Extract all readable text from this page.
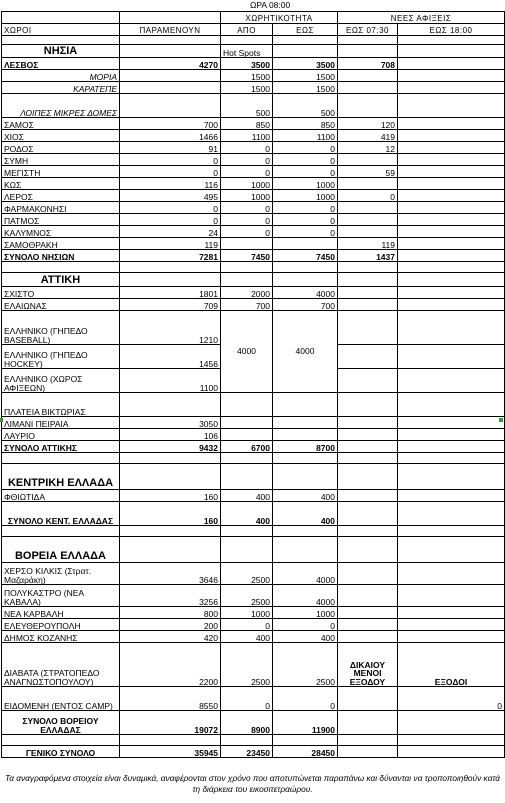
ΩΡΑ 08:00
		ΧΩΡΗΤΙΚΟΤΗΤΑ		ΝΕΕΣ ΑΦΙΞΕΙΣ	
ΧΩΡΟΙ	ΠΑΡΑΜΕΝΟΥΝ	ΑΠΟ	ΕΩΣ	ΕΩΣ 07:30	ΕΩΣ 18:00

ΝΗΣΙΑ		Hot Spots			
ΛΕΣΒΟΣ	4270	3500	3500	708	
ΜΟΡΙΑ		1500	1500		
ΚΑΡΑΤΕΠΕ		1500	1500		
ΛΟΙΠΕΣ ΜΙΚΡΕΣ ΔΟΜΕΣ		500	500		
ΣΑΜΟΣ	700	850	850	120	
ΧΙΟΣ	1466	1100	1100	419	
ΡΟΔΟΣ	91	0	0	12	
ΣΥΜΗ	0	0	0		
ΜΕΓΙΣΤΗ	0	0	0	59	
ΚΩΣ	116	1000	1000		
ΛΕΡΟΣ	495	1000	1000	0	
ΦΑΡΜΑΚΟΝΗΣΙ	0	0	0		
ΠΑΤΜΟΣ	0	0	0		
ΚΑΛΥΜΝΟΣ	24	0	0		
ΣΑΜΟΘΡΑΚΗ	119			119	
ΣΥΝΟΛΟ ΝΗΣΙΩΝ	7281	7450	7450	1437	

ΑΤΤΙΚΗ					
ΣΧΙΣΤΟ	1801	2000	4000		
ΕΛΑΙΩΝΑΣ	709	700	700		
ΕΛΛΗΝΙΚΟ (ΓΗΠΕΔΟ BASEBALL)	1210	4000	4000		
ΕΛΛΗΝΙΚΟ (ΓΗΠΕΔΟ HOCKEY)	1456				
ΕΛΛΗΝΙΚΟ (ΧΩΡΟΣ ΑΦΙΞΕΩΝ)	1100				
ΠΛΑΤΕΙΑ ΒΙΚΤΩΡΙΑΣ					
ΛΙΜΑΝΙ ΠΕΙΡΑΙΑ	3050				
ΛΑΥΡΙΟ	106				
ΣΥΝΟΛΟ ΑΤΤΙΚΗΣ	9432	6700	8700		

ΚΕΝΤΡΙΚΗ ΕΛΛΑΔΑ					
ΦΘΙΩΤΙΔΑ	160	400	400		
ΣΥΝΟΛΟ ΚΕΝΤ. ΕΛΛΑΔΑΣ	160	400	400		

ΒΟΡΕΙΑ ΕΛΛΑΔΑ					
ΧΕΡΣΟ ΚΙΛΚΙΣ (Στρατ. Μαζαράκη)	3646	2500	4000		
ΠΟΛΥΚΑΣΤΡΟ (ΝΕΑ ΚΑΒΑΛΑ)	3256	2500	4000		
ΝΕΑ ΚΑΡΒΑΛΗ	800	1000	1000		
ΕΛΕΥΘΕΡΟΥΠΟΛΗ	200	0	0		
ΔΗΜΟΣ ΚΟΖΑΝΗΣ	420	400	400		
ΔΙΑΒΑΤΑ (ΣΤΡΑΤΟΠΕΔΟ ΑΝΑΓΝΩΣΤΟΠΟΥΛΟΥ)	2200	2500	2500	ΔΙΚΑΙΟΥ ΜΕΝΟΙ ΕΞΟΔΟΥ	ΕΞΟΔΟΙ
ΕΙΔΟΜΕΝΗ (ΕΝΤΟΣ CAMP)	8550	0	0		0
ΣΥΝΟΛΟ ΒΟΡΕΙΟΥ ΕΛΛΑΔΑΣ	19072	8900	11900		

ΓΕΝΙΚΟ ΣΥΝΟΛΟ	35945	23450	28450		
Τα αναγραφόμενα στοιχεία είναι δυναμικά, αναφέρονται στον χρόνο που αποτυπώνεται παραπάνω και δύνανται να τροποποιηθούν κατά τη διάρκεια του εικοσιτετραώρου.
